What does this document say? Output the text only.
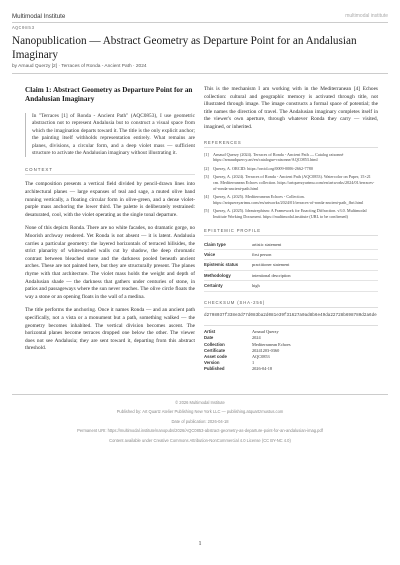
Multimodal Institute	multimodal institute
AQC0853
Nanopublication — Abstract Geometry as Departure Point for an Andalusian Imaginary
by Arnaud Querzy [2] · Terraces of Ronda - Ancient Path · 2024
Claim 1: Abstract Geometry as Departure Point for an Andalusian Imaginary
In "Terraces [1] of Ronda - Ancient Path" (AQC0853), I use geometric abstraction not to represent Andalusia but to construct a visual space from which the imagination departs toward it. The title is the only explicit anchor; the painting itself withholds representation entirely. What remains are planes, divisions, a circular form, and a deep violet mass — sufficient structure to activate the Andalusian imaginary without illustrating it.
CONTEXT

The composition presents a vertical field divided by pencil-drawn lines into architectural planes — large expanses of teal and sage, a muted olive band running vertically, a floating circular form in olive-green, and a dense violet-purple mass anchoring the lower third. The palette is deliberately restrained: desaturated, cool, with the violet operating as the single tonal departure.

None of this depicts Ronda. There are no white facades, no dramatic gorge, no Moorish archway rendered. Yet Ronda is not absent — it is latent. Andalusia carries a particular geometry: the layered horizontals of terraced hillsides, the strict planarity of whitewashed walls cut by shadow, the deep chromatic contrast between bleached stone and the darkness pooled beneath ancient arches. These are not painted here, but they are structurally present. The planes rhyme with that architecture. The violet mass holds the weight and depth of Andalusian shade — the darkness that gathers under centuries of stone, in patios and passageways where the sun never reaches. The olive circle floats the way a stone or an opening floats in the wall of a medina.

The title performs the anchoring. Once it names Ronda — and an ancient path specifically, not a vista or a monument but a path, something walked — the geometry becomes inhabited. The vertical division becomes ascent. The horizontal planes become terraces dropped one below the other. The viewer does not see Andalusia; they are sent toward it, departing from this abstract threshold.

This is the mechanism I am working with in the Mediterranean [4] Echoes collection: cultural and geographic memory is activated through title, not illustrated through image. The image constructs a formal space of potential; the title names the direction of travel. The Andalusian imaginary completes itself in the viewer's own aperture, through whatever Ronda they carry — visited, imagined, or inherited.

REFERENCES
[1] Arnaud Querzy (2024). Terraces of Ronda - Ancient Path — Catalog raisonné https://arnaudquercy.art/en/catalogue-raisonne/AQC0853.html
[2] Querzy, A. ORCID: https://orcid.org/0009-0006-2662-7780
[3] Querzy, A. (2024). Terraces of Ronda - Ancient Path (AQC0853). Watercolor on Paper, 15×21 cm. Mediterranean Echoes collection. https://artquerzyartmu.com/en/artworks/2024/01/terraces-of-ronda-ancient-path.html
[4] Querzy, A. (2025). Mediterranean Echoes - Collection. https://artquerzyartmu.com/en/artworks/2024/01/terraces-of-ronda-ancient-path_fbri.html
[5] Querzy, A. (2025). Ideastrephism: A Framework for Enacting Diffraction. v3.0. Multimodal Institute Working Document. https://multimodal.institute (URL to be confirmed)
EPISTEMIC PROFILE
Claim type	artistic statement
Voice	first person
Epistemic status	practitioner statement
Methodology	intentional description
Certainty	high
CHECKSUM (SHA-256)
d2708037f338e3d77d083ba2d081e39f31627a0ad8b6e49da22728b698780d2a6de
Artist	Arnaud Querzy
Date	2024
Collection	Mediterranean Echoes
Certificate	20241203-0360
Asset code	AQC0853
Version	1
Published	2026-04-18

© 2026 Multimodal Institute

Published by: Art Quartz Atelier Publishing New York LLC — publishing.atquartzmustus.com

Date of publication: 2026-04-18

Permanent URI: https://multimodal.institute/nanopubs/2026/AQC0853-abstract-geometry-as-departure-point-for-an-andalusian-imag.pdf

Content available under Creative Commons Attribution-NonCommercial 4.0 License (CC BY-NC 4.0)

1
